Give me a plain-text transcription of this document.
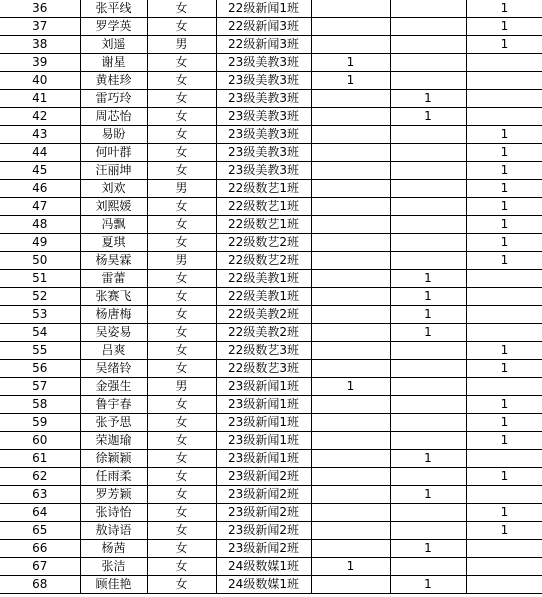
36	张平线	女	22级新闻1班			1
37	罗学英	女	22级新闻3班			1
38	刘遥	男	22级新闻3班			1
39	谢星	女	23级美教3班	1		
40	黄桂珍	女	23级美教3班	1		
41	雷巧玲	女	23级美教3班		1	
42	周芯怡	女	23级美教3班		1	
43	易盼	女	23级美教3班			1
44	何叶群	女	23级美教3班			1
45	汪丽坤	女	23级美教3班			1
46	刘欢	男	22级数艺1班			1
47	刘熙媛	女	22级数艺1班			1
48	冯飘	女	22级数艺1班			1
49	夏琪	女	22级数艺2班			1
50	杨昊霖	男	22级数艺2班			1
51	雷蕾	女	22级美教1班		1	
52	张赛飞	女	22级美教1班		1	
53	杨唐梅	女	22级美教2班		1	
54	吴姿易	女	22级美教2班		1	
55	吕爽	女	22级数艺3班			1
56	吴绪铃	女	22级数艺3班			1
57	金强生	男	23级新闻1班	1		
58	鲁宇春	女	23级新闻1班			1
59	张予思	女	23级新闻1班			1
60	荣迦瑜	女	23级新闻1班			1
61	徐颖颖	女	23级新闻1班		1	
62	任雨柔	女	23级新闻2班			1
63	罗芳颖	女	23级新闻2班		1	
64	张诗怡	女	23级新闻2班			1
65	敖诗语	女	23级新闻2班			1
66	杨茜	女	23级新闻2班		1	
67	张洁	女	24级数媒1班	1		
68	顾佳艳	女	24级数媒1班		1	
